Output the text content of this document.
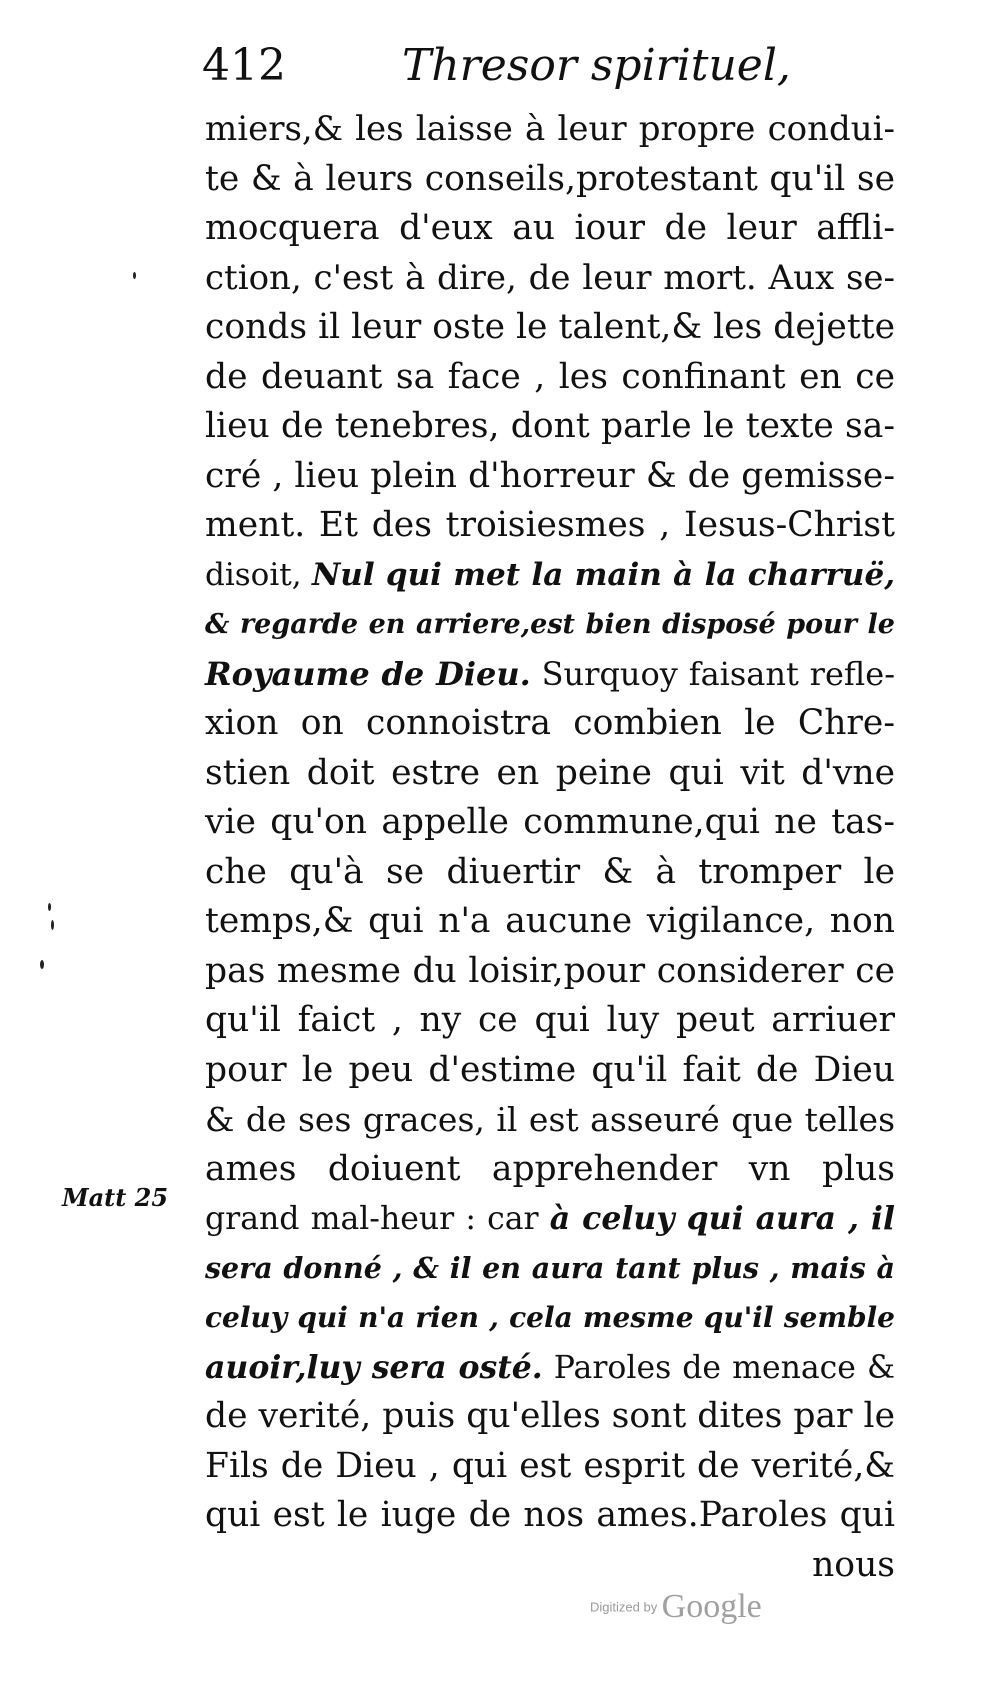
412	Thresor spirituel,
miers,& les laisse à leur propre condui-
te & à leurs conseils,protestant qu'il se
mocquera d'eux au iour de leur affli-
ction, c'est à dire, de leur mort. Aux se-
conds il leur oste le talent,& les dejette
de deuant sa face , les confinant en ce
lieu de tenebres, dont parle le texte sa-
cré , lieu plein d'horreur & de gemisse-
ment. Et des troisiesmes , Iesus-Christ
disoit, Nul qui met la main à la charruë,
& regarde en arriere,est bien disposé pour le
Royaume de Dieu. Surquoy faisant refle-
xion on connoistra combien le Chre-
stien doit estre en peine qui vit d'vne
vie qu'on appelle commune,qui ne tas-
che qu'à se diuertir & à tromper le
temps,& qui n'a aucune vigilance, non
pas mesme du loisir,pour considerer ce
qu'il faict , ny ce qui luy peut arriuer
pour le peu d'estime qu'il fait de Dieu
& de ses graces, il est asseuré que telles
ames doiuent apprehender vn plus
grand mal-heur : car à celuy qui aura , il
sera donné , & il en aura tant plus , mais à
celuy qui n'a rien , cela mesme qu'il semble
auoir,luy sera osté. Paroles de menace &
de verité, puis qu'elles sont dites par le
Fils de Dieu , qui est esprit de verité,&
qui est le iuge de nos ames.Paroles qui
nous
Matt 25
Digitized by Google
